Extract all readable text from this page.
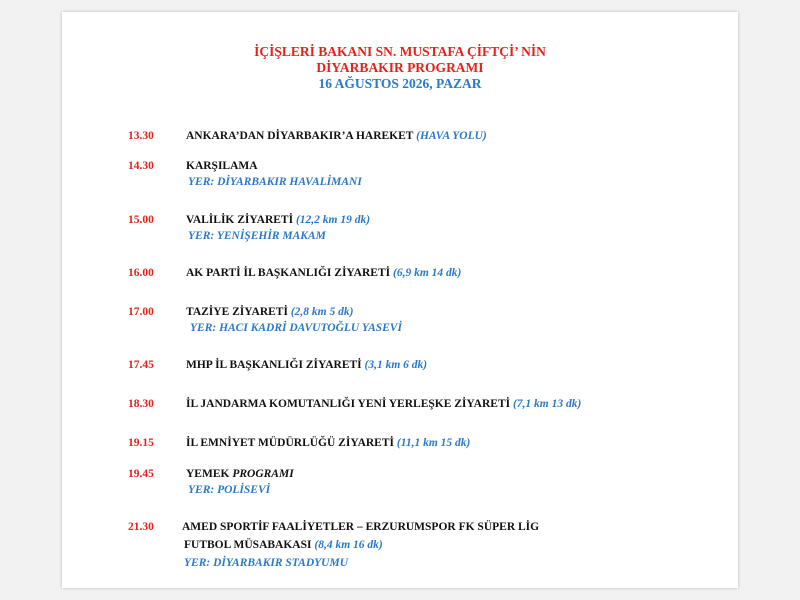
İÇİŞLERİ BAKANI SN. MUSTAFA ÇİFTÇİ’ NİN
DİYARBAKIR PROGRAMI
16 AĞUSTOS 2026, PAZAR
13.30	ANKARA’DAN DİYARBAKIR’A HAREKET (HAVA YOLU)
14.30	KARŞILAMA
YER: DİYARBAKIR HAVALİMANI
15.00	VALİLİK ZİYARETİ (12,2 km 19 dk)
YER: YENİŞEHİR MAKAM
16.00	AK PARTİ İL BAŞKANLIĞI ZİYARETİ (6,9 km 14 dk)
17.00	TAZİYE ZİYARETİ (2,8 km 5 dk)
YER: HACI KADRİ DAVUTOĞLU YASEVİ
17.45	MHP İL BAŞKANLIĞI ZİYARETİ (3,1 km 6 dk)
18.30	İL JANDARMA KOMUTANLIĞI YENİ YERLEŞKE ZİYARETİ (7,1 km 13 dk)
19.15	İL EMNİYET MÜDÜRLÜĞÜ ZİYARETİ (11,1 km 15 dk)
19.45	YEMEK PROGRAMI
YER: POLİSEVİ
21.30 AMED SPORTİF FAALİYETLER – ERZURUMSPOR FK SÜPER LİG
FUTBOL MÜSABAKASI (8,4 km 16 dk)
YER: DİYARBAKIR STADYUMU
